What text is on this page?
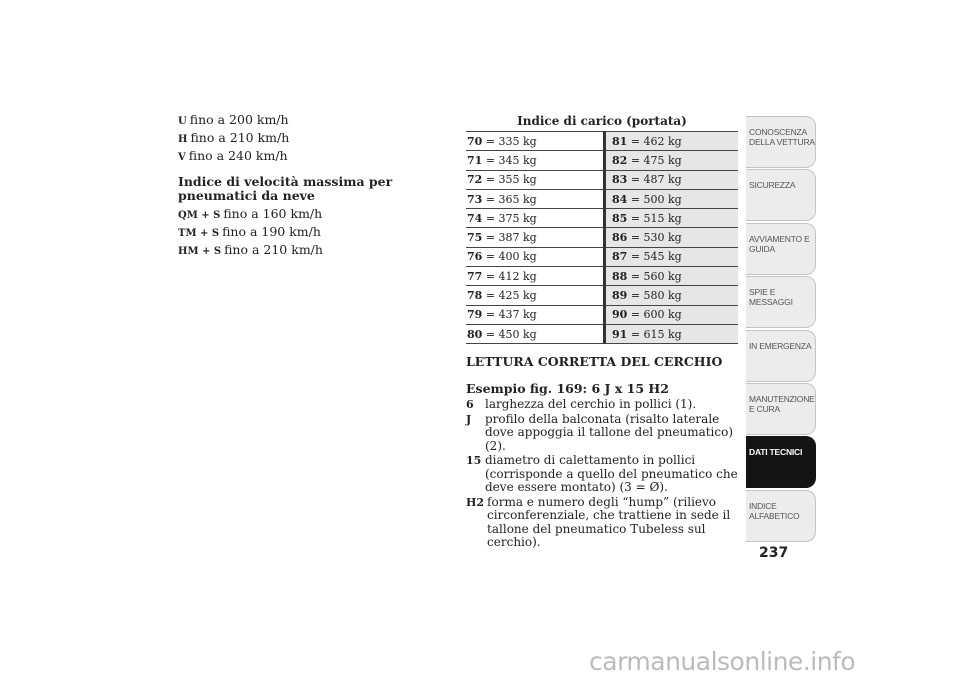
U fino a 200 km/h
H fino a 210 km/h
V fino a 240 km/h
Indice di velocità massima per pneumatici da neve
QM + S fino a 160 km/h
TM + S fino a 190 km/h
HM + S fino a 210 km/h
Indice di carico (portata)
70 = 335 kg	81 = 462 kg
71 = 345 kg	82 = 475 kg
72 = 355 kg	83 = 487 kg
73 = 365 kg	84 = 500 kg
74 = 375 kg	85 = 515 kg
75 = 387 kg	86 = 530 kg
76 = 400 kg	87 = 545 kg
77 = 412 kg	88 = 560 kg
78 = 425 kg	89 = 580 kg
79 = 437 kg	90 = 600 kg
80 = 450 kg	91 = 615 kg
LETTURA CORRETTA DEL CERCHIO
Esempio fig. 169: 6 J x 15 H2
6 larghezza del cerchio in pollici (1).
J	profilo della balconata (risalto laterale dove appoggia il tallone del pneumatico) (2).
15 diametro di calettamento in pollici (corrisponde a quello del pneumatico che deve essere montato) (3 = Ø).
H2 forma e numero degli “hump” (rilievo circonferenziale, che trattiene in sede il tallone del pneumatico Tubeless sul cerchio).
CONOSCENZA DELLA VETTURA
SICUREZZA
AVVIAMENTO E GUIDA
SPIE E MESSAGGI
IN EMERGENZA
MANUTENZIONE E CURA
DATI TECNICI
INDICE ALFABETICO
237
carmanualsonline.info
